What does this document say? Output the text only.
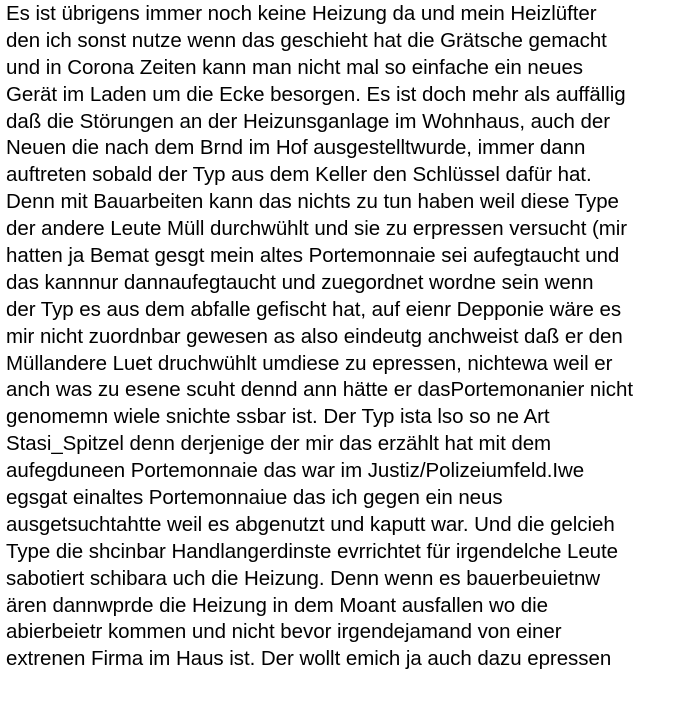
Es ist übrigens immer noch keine Heizung da und mein Heizlüfter
den ich sonst nutze wenn das geschieht hat die Grätsche gemacht
und in Corona Zeiten kann man nicht mal so einfache ein neues
Gerät im Laden um die Ecke besorgen. Es ist doch mehr als auffällig
daß die Störungen an der Heizunsganlage im Wohnhaus, auch der
Neuen die nach dem Brnd im Hof ausgestelltwurde, immer dann
auftreten sobald der Typ aus dem Keller den Schlüssel dafür hat.
Denn mit Bauarbeiten kann das nichts zu tun haben weil diese Type
der andere Leute Müll durchwühlt und sie zu erpressen versucht (mir
hatten ja Bemat gesgt mein altes Portemonnaie sei aufegtaucht und
das kannnur dannaufegtaucht und zuegordnet wordne sein wenn
der Typ es aus dem abfalle gefischt hat, auf eienr Depponie wäre es
mir nicht zuordnbar gewesen as also eindeutg anchweist daß er den
Müllandere Luet druchwühlt umdiese zu epressen, nichtewa weil er
anch was zu esene scuht dennd ann hätte er dasPortemonanier nicht
genomemn wiele snichte ssbar ist. Der Typ ista lso so ne Art
Stasi_Spitzel denn derjenige der mir das erzählt hat mit dem
aufegduneen Portemonnaie das war im Justiz/Polizeiumfeld.Iwe
egsgat einaltes Portemonnaiue das ich gegen ein neus
ausgetsuchtahtte weil es abgenutzt und kaputt war. Und die gelcieh
Type die shcinbar Handlangerdinste evrrichtet für irgendelche Leute
sabotiert schibara uch die Heizung. Denn wenn es bauerbeuietnw
ären dannwprde die Heizung in dem Moant ausfallen wo die
abierbeietr kommen und nicht bevor irgendejamand von einer
extrenen Firma im Haus ist. Der wollt emich ja auch dazu epressen
